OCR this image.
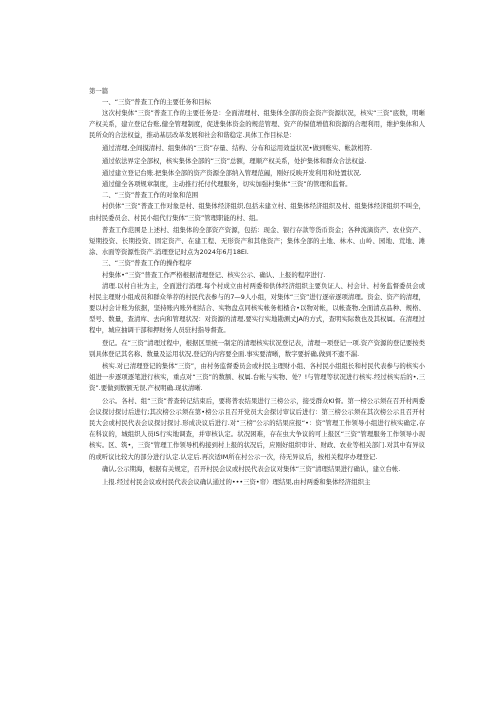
第一篇

一、“三资”普查工作的主要任务和目标

这次村集体“三资”普查工作的主要任务是：全面清理村、组集体全部的资金资产资源状况，核实“三资”底数，明晰产权关系，建立登记台账,健全管理制度，促进集体资金的规范管理、资产的保值增值和资源的合理利用，维护集体和人民所众的合法权益，推动基层改革发展和社会和谐稳定.具体工作目标是：

通过清理,全间摸清村、组集体的“三资”存量、结构、分布和运用效益状况•做到账实、帐款相符.

通过依法界定全部权，核实集体全部的“三资”总额，理顺产权关系，处护集体和群众合法权益.

通过建立登记台账.把集体全部的资产资源全部纳入管理范阖，刚好反映开发利用和处置状况.

通过健全各项规章制度，主动推行托付代理服务，切实加强村集体“三资”的管理和监督。

二、“三资”普查工作的对象和范围

村供体“三资”普查工作对象是村、组集体经济组织,包括未建立村、组集体经济组织及村、组集体经济组织不叫全，由村民委员会、村民小组代行集体“三资”管理职能的村、组。

普查工作范围是上述村、组集体的全部资产资源，包括：现金、银行存款等货币资金；各种流滴资产、农业资产、短期投资、长期投资、固定资产、在建工程、无形资产和其他资产；集体全部的土地、林木、山岭、园地、荒地、滩涂、水面等资源性资产.消理登记时点为2024年6月18El.

三、“三资”普查工作的操作程序

村集体•“三资”普查工作严格根据清理登记、核实公示、确认、上报的程序进行.

清理.以村自社为主，全面进行消理.每个村成立由村两委和供体经济组织主要负证人、村会计、村务监督委员会或村民主理财小组成员和群众举荐的村民代表参与的7—9人小组，对集体“三资”进行逐帝逐项清理。资金、资产的清理，要以村会计账为依据，坚持账内账外相结合、实物盘点同核实帐务相楂合•以物对帐，以帐查物,全面清点品种、规格、型号、数量，查清库、去向和管理状况：对资源的清理,要实行实地勘测丈JA的方式，查明实际数也及其权属。在清理过程中，城应抽调干部和押财务人员驻村指导督查。

登记。在“三资”清理过程中，根据区里统一制定的清理核实状况登记表，清理一项登记一项.资产资源的登记要按类别具体登记其名称、数量及运用状况,登记的内容要全面.事实要清晰，数字要折确,做到不遗不漏.

核实.对已清理登记的集体“三资”，由村务监督委员会或村民主理财小组、各村民小组组长和村民代表参与的核实小姐进一步逐项逐笔进行核实，重点对“三资”的数额、权属.台帐与实物、处？!与管理等状况进行核实.经过核实后的•,三资”.要做到数额无误,产权明确.现状清晰.

公示。各村、组“三资”普查转记结束后，要将普农结果进行三榜公示，接受群众Kl督。第一榜公示须在召开村两委会议探讨探讨后进行;其次榜公示须在第•榜公示且召开党员大会探讨审议后进行：第三榜公示须在其次榜公示且召开村民大会或村民代表会议探讨探讨.形成决议后进行.对“三榜”公示的结果应报“•：资”管理工作领导小组进行核实确定,存在科议的，城组织人员IS行实地调查，并审核认定。状况困难，存在虫大争议的可上报区“三资”管理服务工作领导小现核实。区、筑•，三资”管理工作领导机构接到村上报的状况后，应刚好组织审计、财政、农业等相关部门.对其中有异议的或听议比较大的部分进行认定.认定后.再次适IM所在村公示一次，待无异议后，按相关程序办理登记.

确认,公示期海，根据有关规定，召开村民会议或村民代表会议对集体“三资”清理结果进行确认，建立台帐.

上报.经过村民会议或村民代表会议确认通过的•••三资•帘）理结果,由村两委和集体经济组织主
